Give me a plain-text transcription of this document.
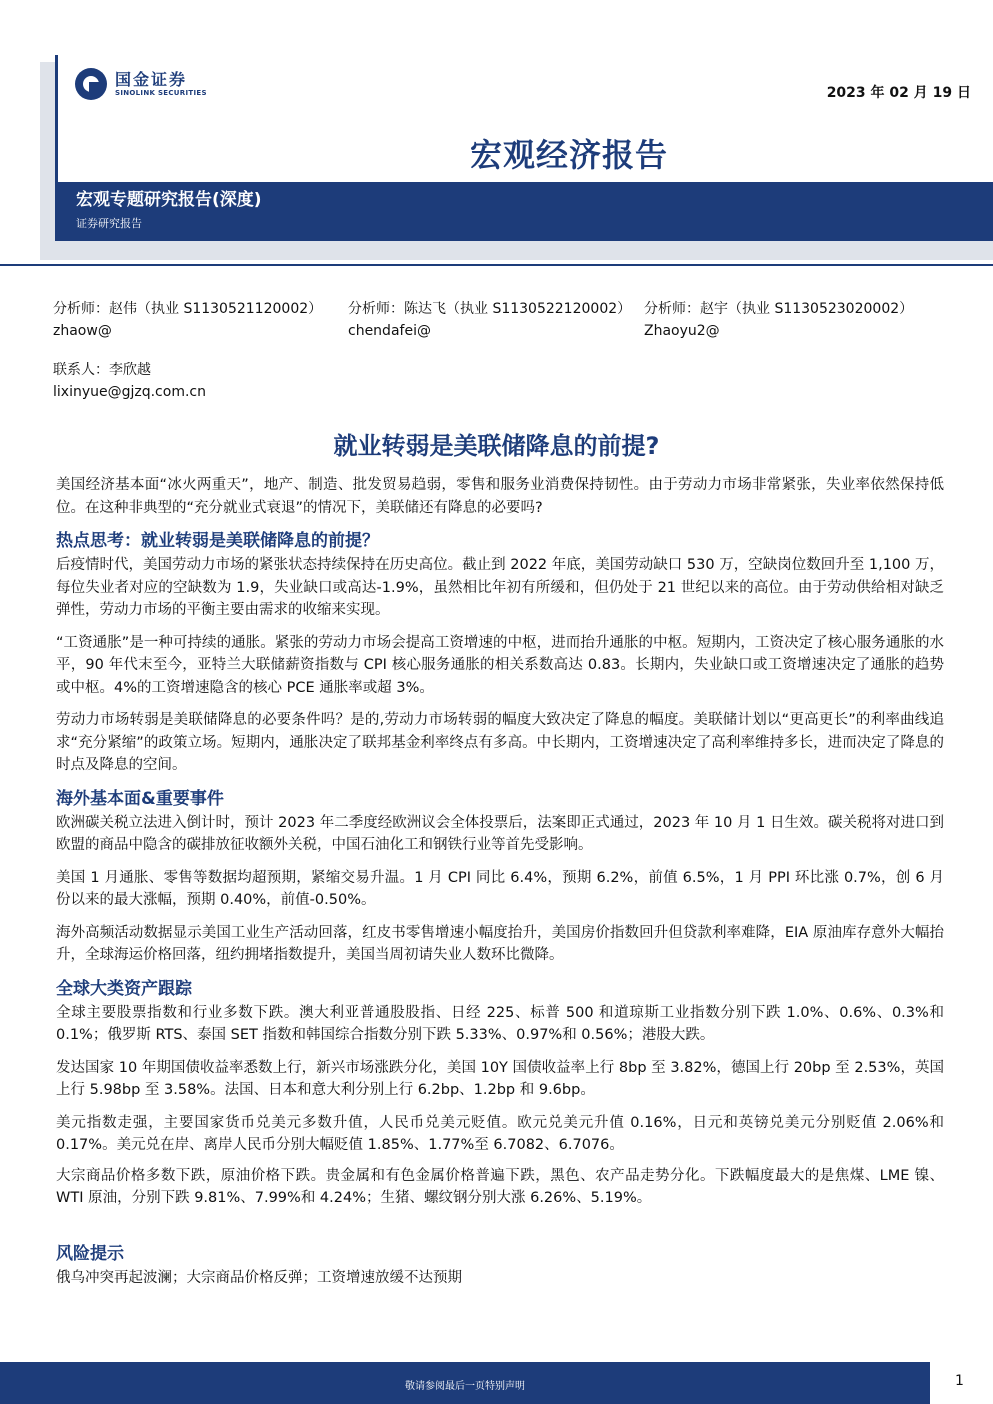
国金证券
SINOLINK SECURITIES	2023 年 02 月 19 日
宏观经济报告
宏观专题研究报告(深度)
证券研究报告
分析师：赵伟（执业 S1130521120002）
zhaow@
分析师：陈达飞（执业 S1130522120002）
chendafei@
分析师：赵宇（执业 S1130523020002）
Zhaoyu2@
联系人：李欣越
lixinyue@gjzq.com.cn
就业转弱是美联储降息的前提?

美国经济基本面“冰火两重天”，地产、制造、批发贸易趋弱，零售和服务业消费保持韧性。由于劳动力市场非常紧张，失业率依然保持低位。在这种非典型的“充分就业式衰退”的情况下，美联储还有降息的必要吗?

热点思考：就业转弱是美联储降息的前提？

后疫情时代，美国劳动力市场的紧张状态持续保持在历史高位。截止到 2022 年底，美国劳动缺口 530 万，空缺岗位数回升至 1,100 万，每位失业者对应的空缺数为 1.9，失业缺口或高达-1.9%，虽然相比年初有所缓和，但仍处于 21 世纪以来的高位。由于劳动供给相对缺乏弹性，劳动力市场的平衡主要由需求的收缩来实现。

“工资通胀”是一种可持续的通胀。紧张的劳动力市场会提高工资增速的中枢，进而抬升通胀的中枢。短期内，工资决定了核心服务通胀的水平，90 年代末至今，亚特兰大联储薪资指数与 CPI 核心服务通胀的相关系数高达 0.83。长期内，失业缺口或工资增速决定了通胀的趋势或中枢。4%的工资增速隐含的核心 PCE 通胀率或超 3%。

劳动力市场转弱是美联储降息的必要条件吗？是的,劳动力市场转弱的幅度大致决定了降息的幅度。美联储计划以“更高更长”的利率曲线追求“充分紧缩”的政策立场。短期内，通胀决定了联邦基金利率终点有多高。中长期内，工资增速决定了高利率维持多长，进而决定了降息的时点及降息的空间。

海外基本面&重要事件

欧洲碳关税立法进入倒计时，预计 2023 年二季度经欧洲议会全体投票后，法案即正式通过，2023 年 10 月 1 日生效。碳关税将对进口到欧盟的商品中隐含的碳排放征收额外关税，中国石油化工和钢铁行业等首先受影响。

美国 1 月通胀、零售等数据均超预期，紧缩交易升温。1 月 CPI 同比 6.4%，预期 6.2%，前值 6.5%，1 月 PPI 环比涨 0.7%，创 6 月份以来的最大涨幅，预期 0.40%，前值-0.50%。

海外高频活动数据显示美国工业生产活动回落，红皮书零售增速小幅度抬升，美国房价指数回升但贷款利率难降，EIA 原油库存意外大幅抬升，全球海运价格回落，纽约拥堵指数提升，美国当周初请失业人数环比微降。

全球大类资产跟踪

全球主要股票指数和行业多数下跌。澳大利亚普通股股指、日经 225、标普 500 和道琼斯工业指数分别下跌 1.0%、0.6%、0.3%和 0.1%；俄罗斯 RTS、泰国 SET 指数和韩国综合指数分别下跌 5.33%、0.97%和 0.56%；港股大跌。

发达国家 10 年期国债收益率悉数上行，新兴市场涨跌分化，美国 10Y 国债收益率上行 8bp 至 3.82%，德国上行 20bp 至 2.53%，英国上行 5.98bp 至 3.58%。法国、日本和意大利分别上行 6.2bp、1.2bp 和 9.6bp。

美元指数走强，主要国家货币兑美元多数升值，人民币兑美元贬值。欧元兑美元升值 0.16%，日元和英镑兑美元分别贬值 2.06%和 0.17%。美元兑在岸、离岸人民币分别大幅贬值 1.85%、1.77%至 6.7082、6.7076。

大宗商品价格多数下跌，原油价格下跌。贵金属和有色金属价格普遍下跌，黑色、农产品走势分化。下跌幅度最大的是焦煤、LME 镍、WTI 原油，分别下跌 9.81%、7.99%和 4.24%；生猪、螺纹钢分别大涨 6.26%、5.19%。

风险提示

俄乌冲突再起波澜；大宗商品价格反弹；工资增速放缓不达预期

敬请参阅最后一页特别声明	1
